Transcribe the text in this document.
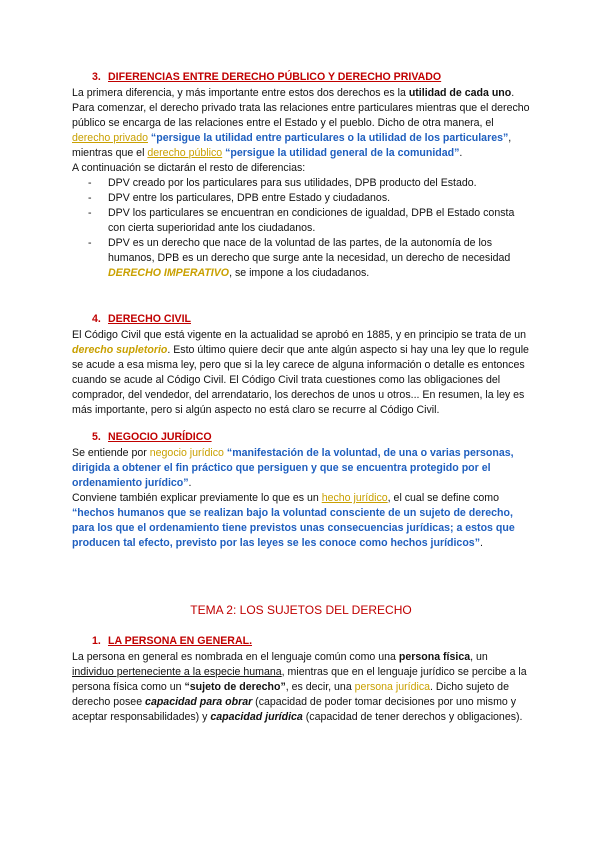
3. DIFERENCIAS ENTRE DERECHO PÚBLICO Y DERECHO PRIVADO

La primera diferencia, y más importante entre estos dos derechos es la utilidad de cada uno. Para comenzar, el derecho privado trata las relaciones entre particulares mientras que el derecho público se encarga de las relaciones entre el Estado y el pueblo. Dicho de otra manera, el derecho privado “persigue la utilidad entre particulares o la utilidad de los particulares”, mientras que el derecho público “persigue la utilidad general de la comunidad”.

A continuación se dictarán el resto de diferencias:

- DPV creado por los particulares para sus utilidades, DPB producto del Estado.
- DPV entre los particulares, DPB entre Estado y ciudadanos.
- DPV los particulares se encuentran en condiciones de igualdad, DPB el Estado consta con cierta superioridad ante los ciudadanos.
- DPV es un derecho que nace de la voluntad de las partes, de la autonomía de los humanos, DPB es un derecho que surge ante la necesidad, un derecho de necesidad DERECHO IMPERATIVO, se impone a los ciudadanos.

4. DERECHO CIVIL

El Código Civil que está vigente en la actualidad se aprobó en 1885, y en principio se trata de un derecho supletorio. Esto último quiere decir que ante algún aspecto si hay una ley que lo regule se acude a esa misma ley, pero que si la ley carece de alguna información o detalle es entonces cuando se acude al Código Civil. El Código Civil trata cuestiones como las obligaciones del comprador, del vendedor, del arrendatario, los derechos de unos u otros... En resumen, la ley es más importante, pero si algún aspecto no está claro se recurre al Código Civil.

5. NEGOCIO JURÍDICO

Se entiende por negocio jurídico “manifestación de la voluntad, de una o varias personas, dirigida a obtener el fin práctico que persiguen y que se encuentra protegido por el ordenamiento jurídico”.

Conviene también explicar previamente lo que es un hecho jurídico, el cual se define como “hechos humanos que se realizan bajo la voluntad consciente de un sujeto de derecho, para los que el ordenamiento tiene previstos unas consecuencias jurídicas; a estos que producen tal efecto, previsto por las leyes se les conoce como hechos jurídicos”.

TEMA 2: LOS SUJETOS DEL DERECHO

1. LA PERSONA EN GENERAL.

La persona en general es nombrada en el lenguaje común como una persona física, un individuo perteneciente a la especie humana, mientras que en el lenguaje jurídico se percibe a la persona física como un “sujeto de derecho”, es decir, una persona jurídica. Dicho sujeto de derecho posee capacidad para obrar (capacidad de poder tomar decisiones por uno mismo y aceptar responsabilidades) y capacidad jurídica (capacidad de tener derechos y obligaciones).
